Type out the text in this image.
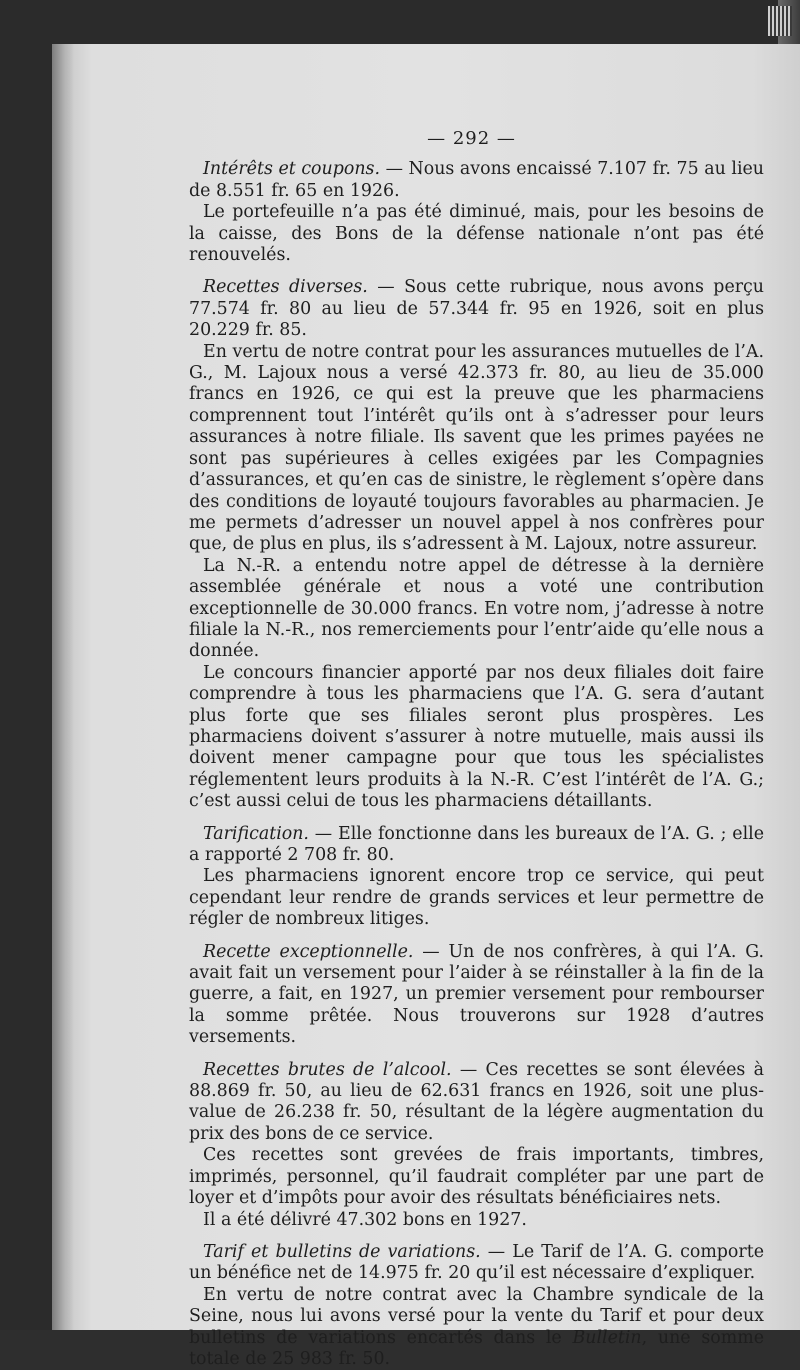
— 292 —

Intérêts et coupons. — Nous avons encaissé 7.107 fr. 75 au lieu de 8.551 fr. 65 en 1926.

Le portefeuille n’a pas été diminué, mais, pour les besoins de la caisse, des Bons de la défense nationale n’ont pas été renouvelés.

Recettes diverses. — Sous cette rubrique, nous avons perçu 77.574 fr. 80 au lieu de 57.344 fr. 95 en 1926, soit en plus 20.229 fr. 85.

En vertu de notre contrat pour les assurances mutuelles de l’A. G., M. Lajoux nous a versé 42.373 fr. 80, au lieu de 35.000 francs en 1926, ce qui est la preuve que les pharmaciens comprennent tout l’intérêt qu’ils ont à s’adresser pour leurs assurances à notre filiale. Ils savent que les primes payées ne sont pas supérieures à celles exigées par les Compagnies d’assurances, et qu’en cas de sinistre, le règlement s’opère dans des conditions de loyauté toujours favorables au pharmacien. Je me permets d’adresser un nouvel appel à nos confrères pour que, de plus en plus, ils s’adressent à M. Lajoux, notre assureur.

La N.-R. a entendu notre appel de détresse à la dernière assemblée générale et nous a voté une contribution exceptionnelle de 30.000 francs. En votre nom, j’adresse à notre filiale la N.-R., nos remerciements pour l’entr’aide qu’elle nous a donnée.

Le concours financier apporté par nos deux filiales doit faire comprendre à tous les pharmaciens que l’A. G. sera d’autant plus forte que ses filiales seront plus prospères. Les pharmaciens doivent s’assurer à notre mutuelle, mais aussi ils doivent mener campagne pour que tous les spécialistes réglementent leurs produits à la N.-R. C’est l’intérêt de l’A. G.; c’est aussi celui de tous les pharmaciens détaillants.

Tarification. — Elle fonctionne dans les bureaux de l’A. G. ; elle a rapporté 2 708 fr. 80.

Les pharmaciens ignorent encore trop ce service, qui peut cependant leur rendre de grands services et leur permettre de régler de nombreux litiges.

Recette exceptionnelle. — Un de nos confrères, à qui l’A. G. avait fait un versement pour l’aider à se réinstaller à la fin de la guerre, a fait, en 1927, un premier versement pour rembourser la somme prêtée. Nous trouverons sur 1928 d’autres versements.

Recettes brutes de l’alcool. — Ces recettes se sont élevées à 88.869 fr. 50, au lieu de 62.631 francs en 1926, soit une plus-value de 26.238 fr. 50, résultant de la légère augmentation du prix des bons de ce service.

Ces recettes sont grevées de frais importants, timbres, imprimés, personnel, qu’il faudrait compléter par une part de loyer et d’impôts pour avoir des résultats bénéficiaires nets.

Il a été délivré 47.302 bons en 1927.

Tarif et bulletins de variations. — Le Tarif de l’A. G. comporte un bénéfice net de 14.975 fr. 20 qu’il est nécessaire d’expliquer.

En vertu de notre contrat avec la Chambre syndicale de la Seine, nous lui avons versé pour la vente du Tarif et pour deux bulletins de variations encartés dans le Bulletin, une somme totale de 25 983 fr. 50.
